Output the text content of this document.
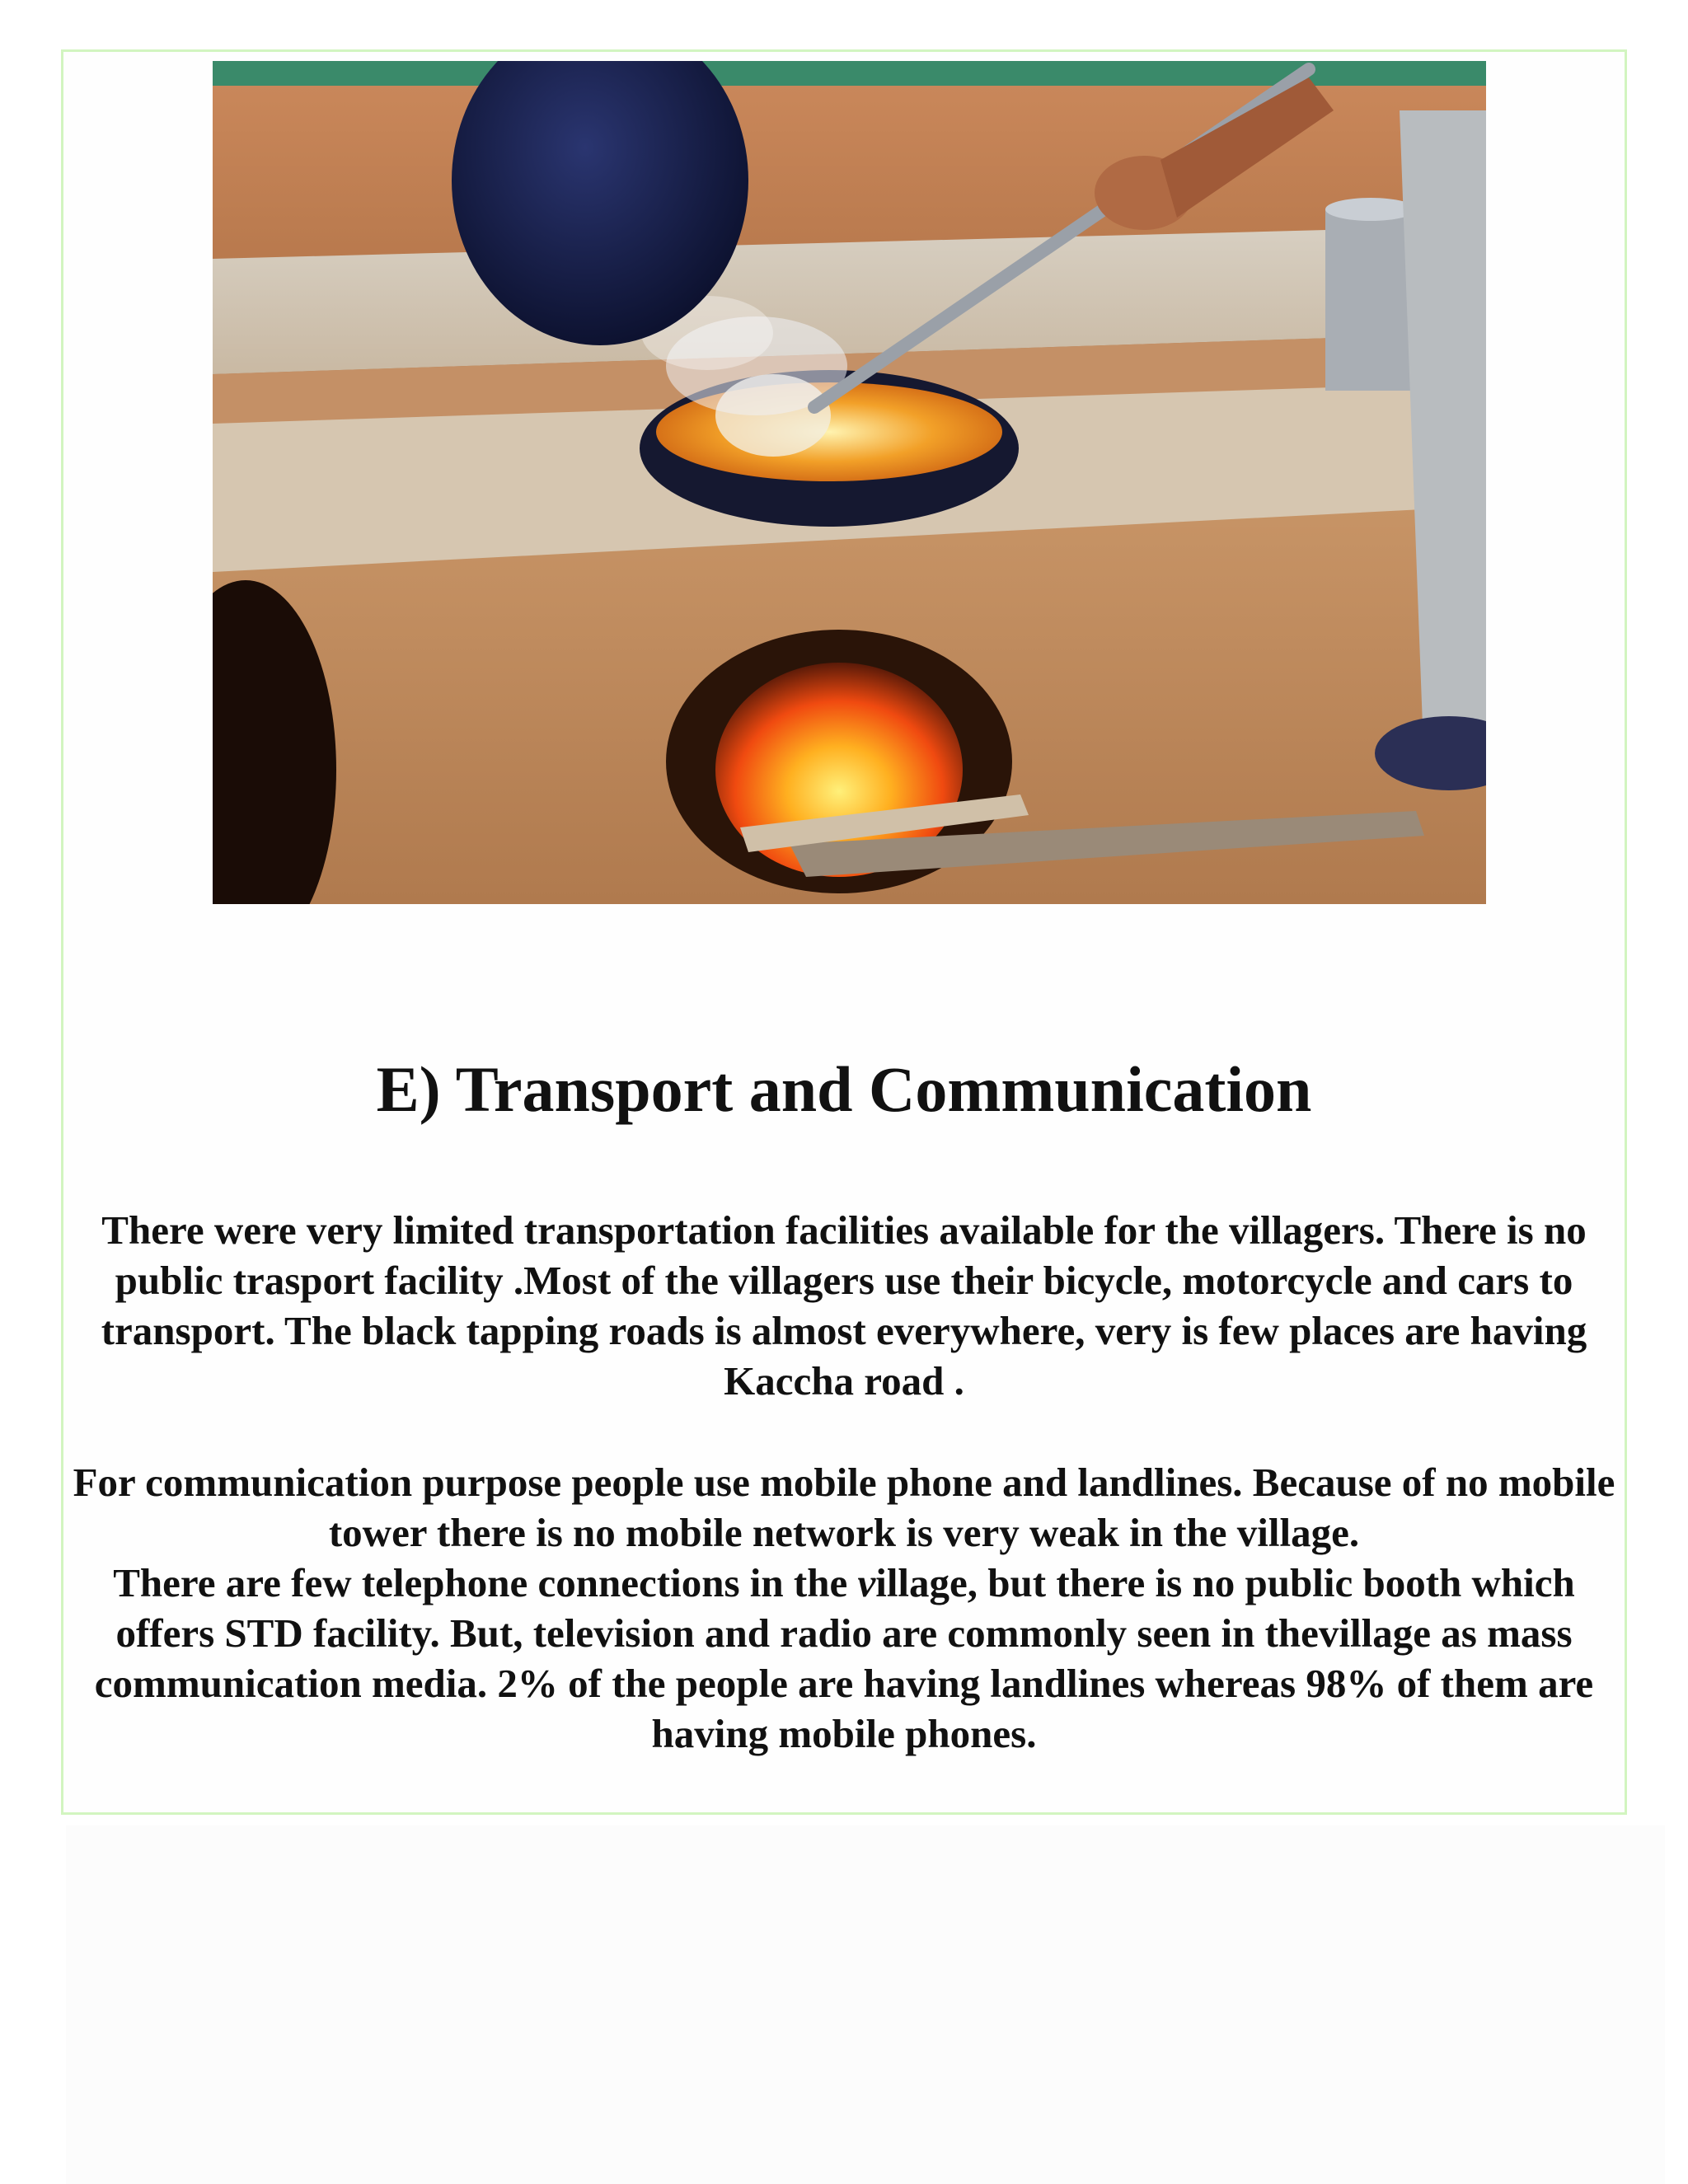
E) Transport and Communication

There were very limited transportation facilities available for the villagers. There is no public trasport facility .Most of the villagers use their bicycle, motorcycle and cars to transport. The black tapping roads is almost everywhere, very is few places are having Kaccha road .

For communication purpose people use mobile phone and landlines. Because of no mobile tower there is no mobile network is very weak in the village.

There are few telephone connections in the village, but there is no public booth which offers STD facility. But, television and radio are commonly seen in thevillage as mass communication media. 2% of the people are having landlines whereas 98% of them are having mobile phones.
